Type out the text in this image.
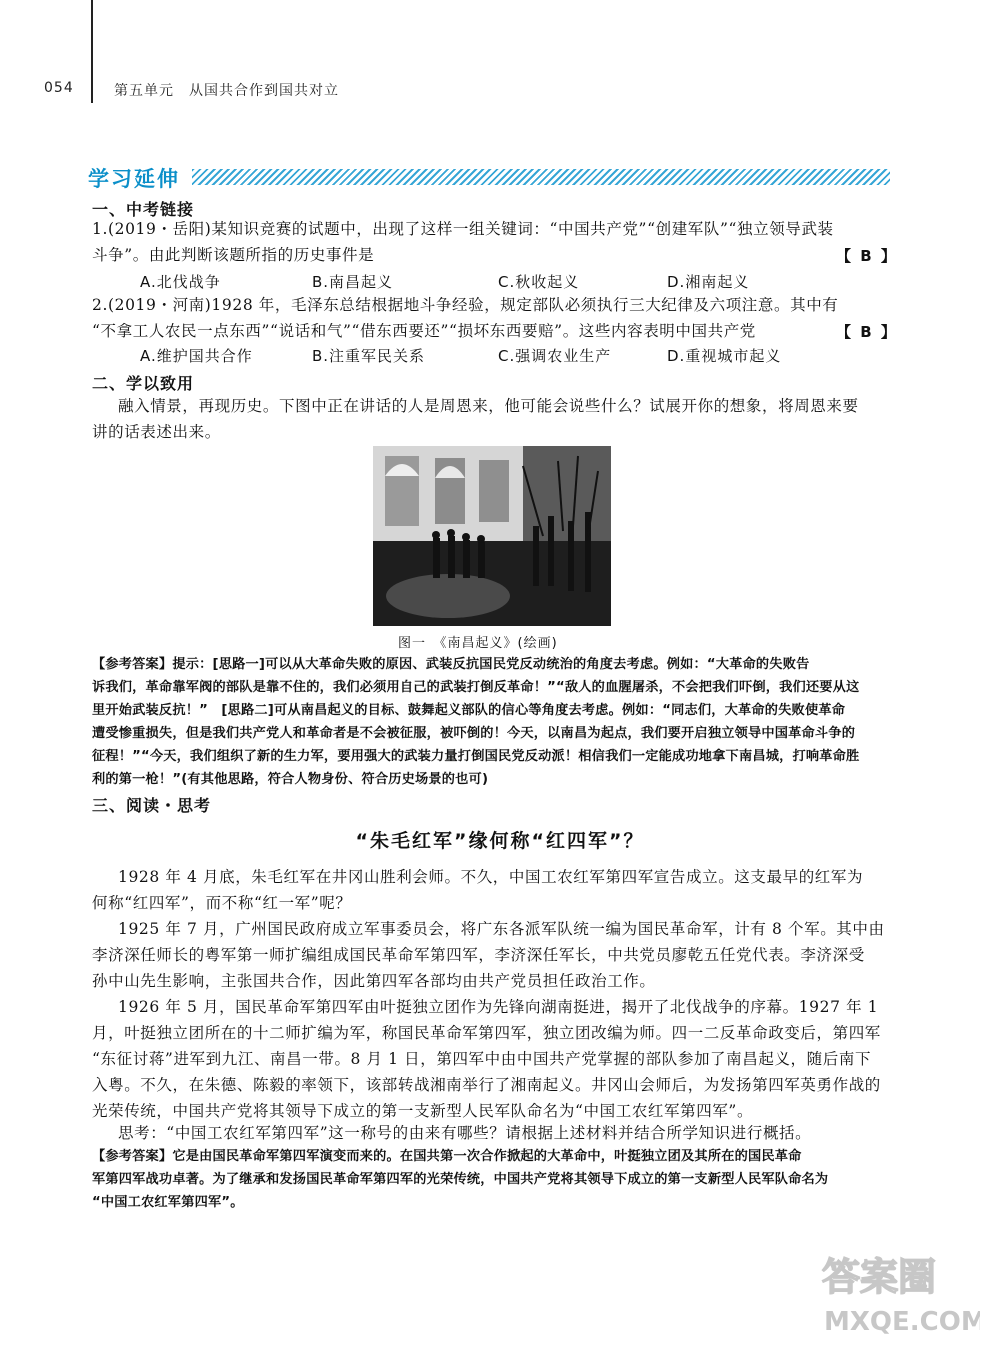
054	第五单元　从国共合作到国共对立
学习延伸
一、中考链接
1.(2019・岳阳)某知识竞赛的试题中，出现了这样一组关键词：“中国共产党”“创建军队”“独立领导武装
斗争”。由此判断该题所指的历史事件是	【 B 】
A.北伐战争	B.南昌起义	C.秋收起义	D.湘南起义
2.(2019・河南)1928 年，毛泽东总结根据地斗争经验，规定部队必须执行三大纪律及六项注意。其中有
“不拿工人农民一点东西”“说话和气”“借东西要还”“损坏东西要赔”。这些内容表明中国共产党	【 B 】
A.维护国共合作	B.注重军民关系	C.强调农业生产	D.重视城市起义
二、学以致用
融入情景，再现历史。下图中正在讲话的人是周恩来，他可能会说些什么？试展开你的想象，将周恩来要
讲的话表述出来。
图一　《南昌起义》(绘画)
【参考答案】提示：[思路一]可以从大革命失败的原因、武装反抗国民党反动统治的角度去考虑。例如：“大革命的失败告
诉我们，革命靠军阀的部队是靠不住的，我们必须用自己的武装打倒反革命！”“敌人的血腥屠杀，不会把我们吓倒，我们还要从这
里开始武装反抗！”　[思路二]可从南昌起义的目标、鼓舞起义部队的信心等角度去考虑。例如：“同志们，大革命的失败使革命
遭受惨重损失，但是我们共产党人和革命者是不会被征服，被吓倒的！今天，以南昌为起点，我们要开启独立领导中国革命斗争的
征程！”“今天，我们组织了新的生力军，要用强大的武装力量打倒国民党反动派！相信我们一定能成功地拿下南昌城，打响革命胜
利的第一枪！”(有其他思路，符合人物身份、符合历史场景的也可)
三、阅读・思考
“朱毛红军”缘何称“红四军”？
1928 年 4 月底，朱毛红军在井冈山胜利会师。不久，中国工农红军第四军宣告成立。这支最早的红军为
何称“红四军”，而不称“红一军”呢？
1925 年 7 月，广州国民政府成立军事委员会，将广东各派军队统一编为国民革命军，计有 8 个军。其中由
李济深任师长的粤军第一师扩编组成国民革命军第四军，李济深任军长，中共党员廖乾五任党代表。李济深受
孙中山先生影响，主张国共合作，因此第四军各部均由共产党员担任政治工作。
1926 年 5 月，国民革命军第四军由叶挺独立团作为先锋向湖南挺进，揭开了北伐战争的序幕。1927 年 1
月，叶挺独立团所在的十二师扩编为军，称国民革命军第四军，独立团改编为师。四一二反革命政变后，第四军
“东征讨蒋”进军到九江、南昌一带。8 月 1 日，第四军中由中国共产党掌握的部队参加了南昌起义，随后南下
入粤。不久，在朱德、陈毅的率领下，该部转战湘南举行了湘南起义。井冈山会师后，为发扬第四军英勇作战的
光荣传统，中国共产党将其领导下成立的第一支新型人民军队命名为“中国工农红军第四军”。
思考：“中国工农红军第四军”这一称号的由来有哪些？请根据上述材料并结合所学知识进行概括。
【参考答案】它是由国民革命军第四军演变而来的。在国共第一次合作掀起的大革命中，叶挺独立团及其所在的国民革命
军第四军战功卓著。为了继承和发扬国民革命军第四军的光荣传统，中国共产党将其领导下成立的第一支新型人民军队命名为
“中国工农红军第四军”。
答案圈
MXQE.COM
